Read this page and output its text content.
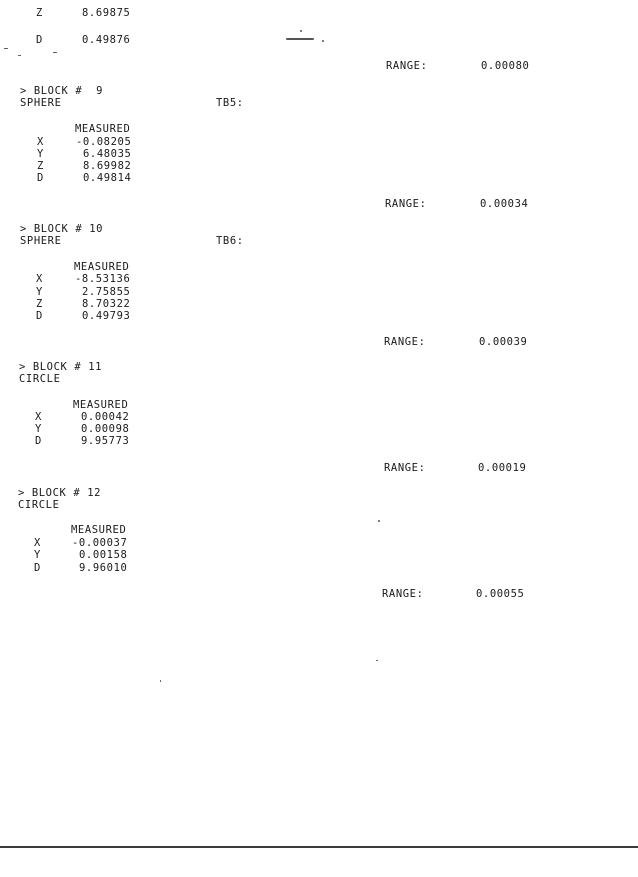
Z	8.69875
D	0.49876
RANGE:	0.00080
> BLOCK #  9
SPHERE	TB5:
MEASURED
X	-0.08205
Y	6.48035
Z	8.69982
D	0.49814
RANGE:	0.00034
> BLOCK # 10
SPHERE	TB6:
MEASURED
X	-8.53136
Y	2.75855
Z	8.70322
D	0.49793
RANGE:	0.00039
> BLOCK # 11
CIRCLE
MEASURED
X	0.00042
Y	0.00098
D	9.95773
RANGE:	0.00019
> BLOCK # 12
CIRCLE
MEASURED
X	-0.00037
Y	0.00158
D	9.96010
RANGE:	0.00055
